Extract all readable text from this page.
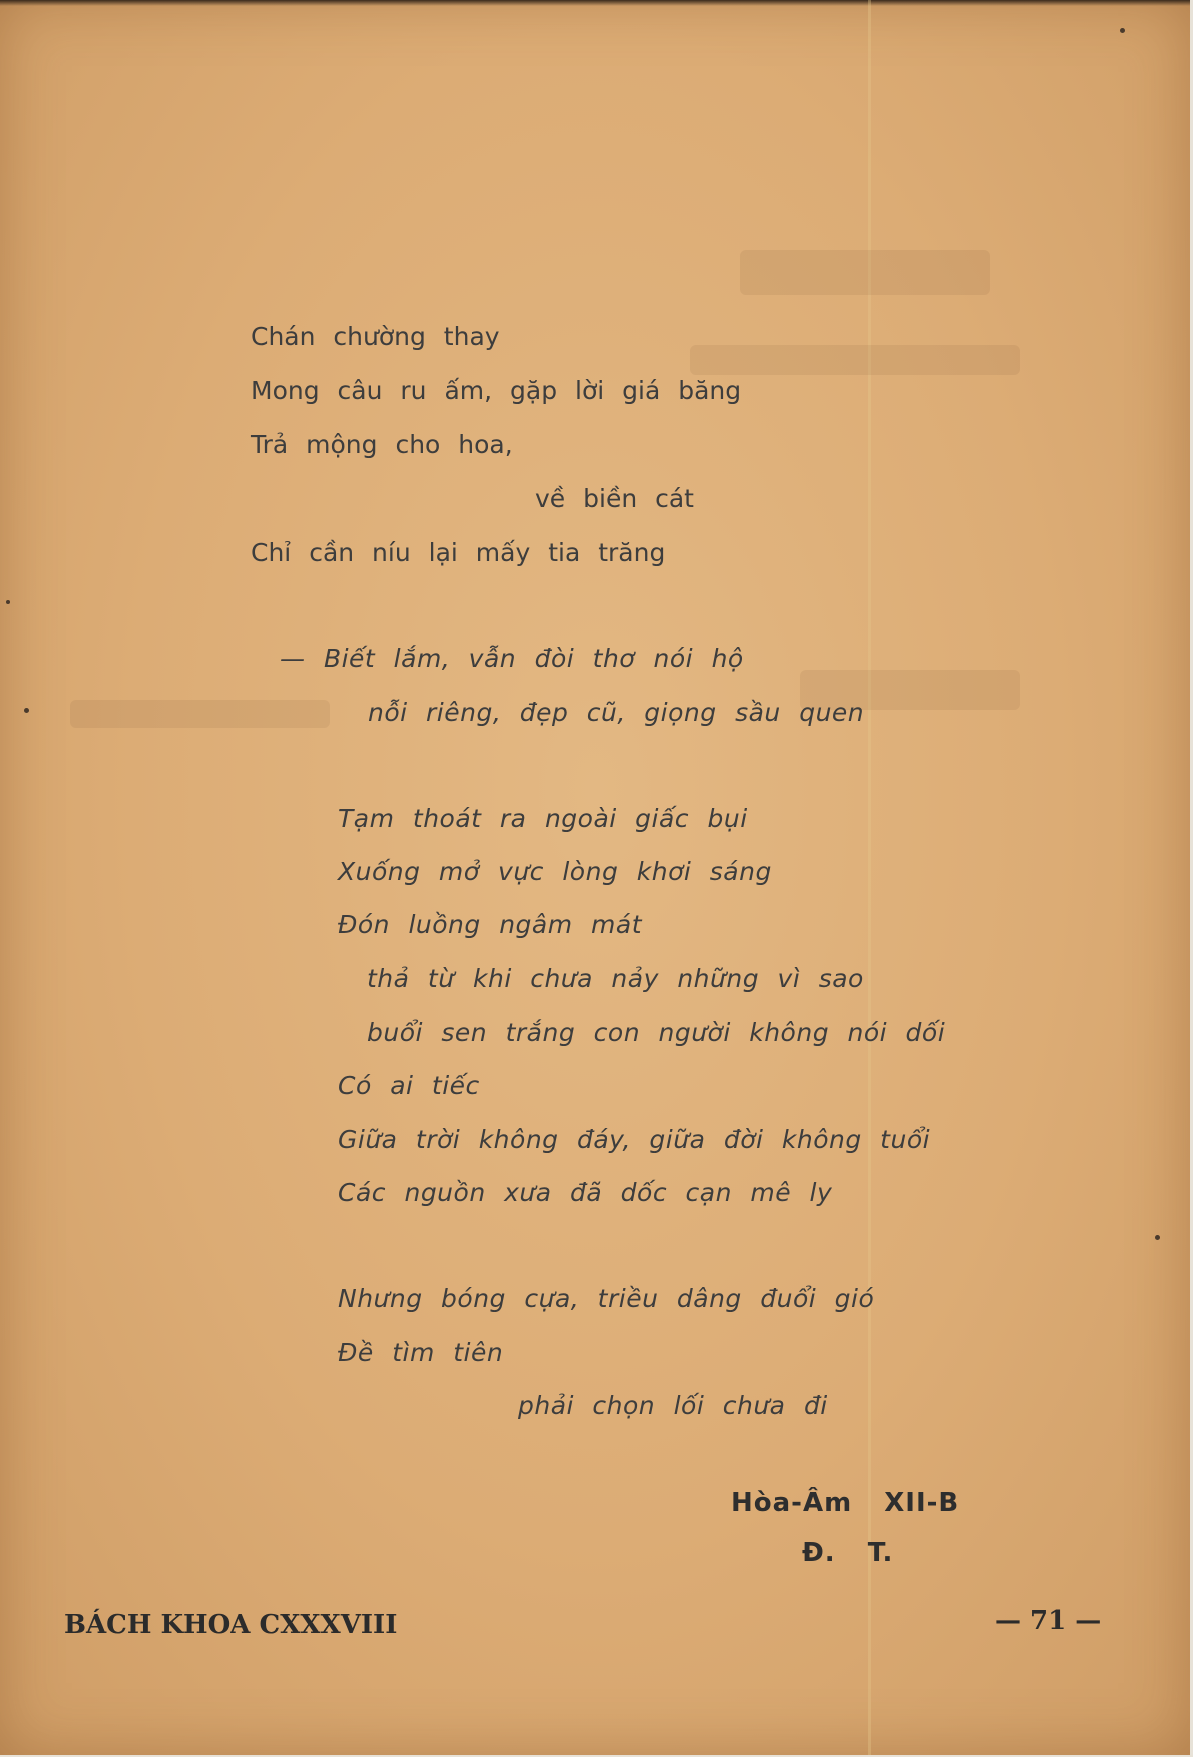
Chán chường thay
Mong câu ru ấm, gặp lời giá băng
Trả mộng cho hoa,
về biền cát
Chỉ cần níu lại mấy tia trăng
— Biết lắm, vẫn đòi thơ nói hộ
nỗi riêng, đẹp cũ, giọng sầu quen
Tạm thoát ra ngoài giấc bụi
Xuống mở vực lòng khơi sáng
Đón luồng ngâm mát
thả từ khi chưa nảy những vì sao
buổi sen trắng con người không nói dối
Có ai tiếc
Giữa trời không đáy, giữa đời không tuổi
Các nguồn xưa đã dốc cạn mê ly
Nhưng bóng cựa, triều dâng đuổi gió
Đề tìm tiên
phải chọn lối chưa đi
Hòa-Âm XII-B
Đ. T.
BÁCH KHOA CXXXVIII	— 71 —
